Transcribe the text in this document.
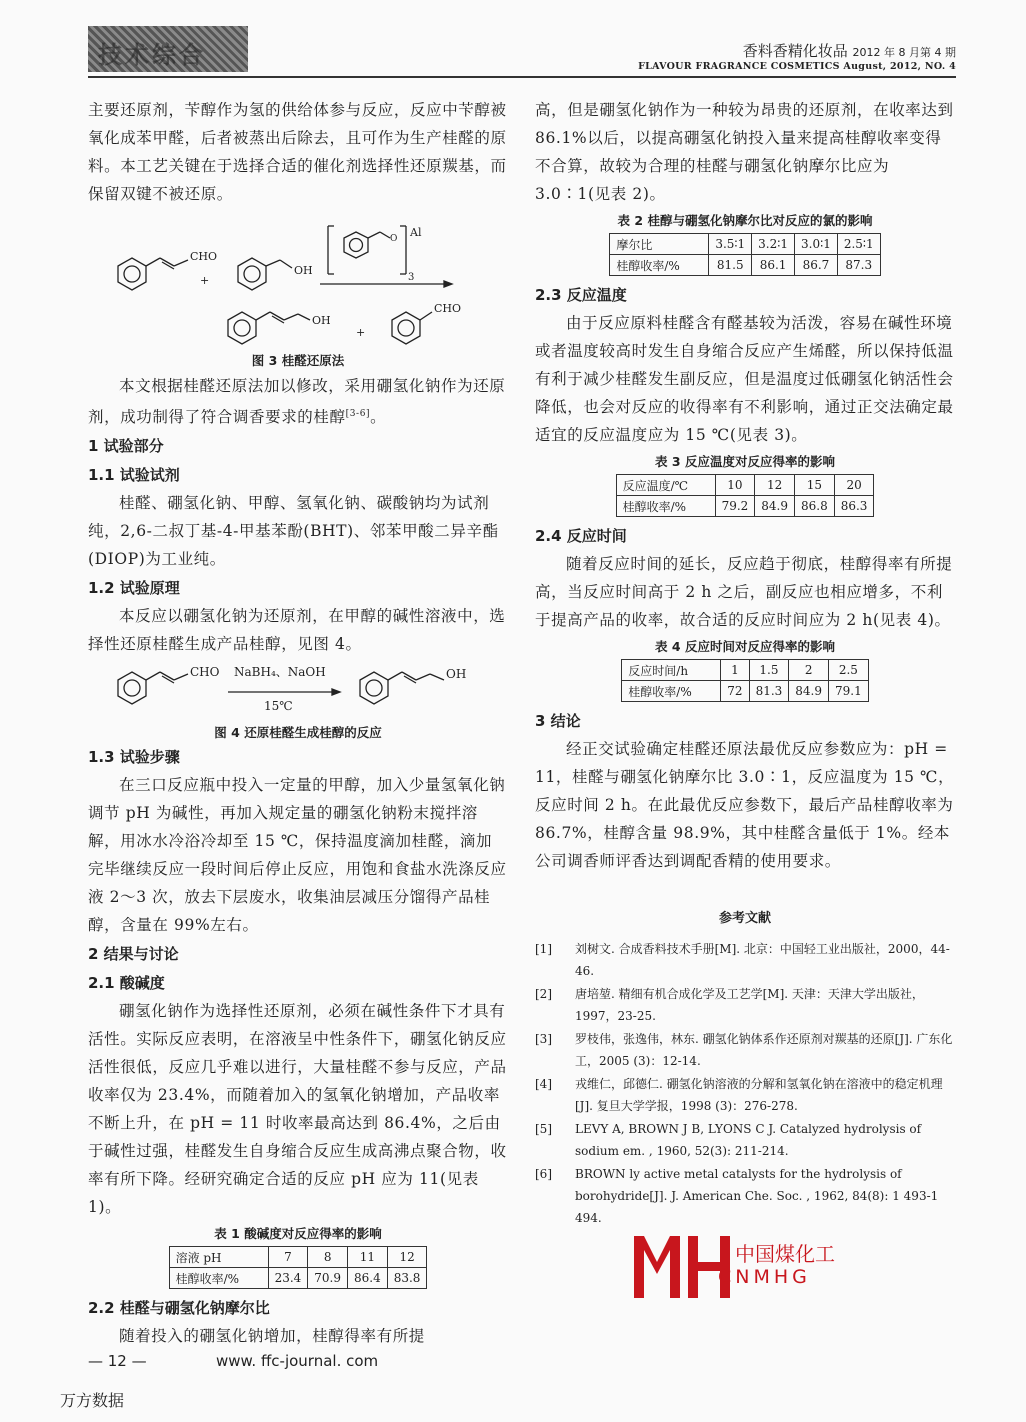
技术综合	香料香精化妆品 2012 年 8 月第 4 期
FLAVOUR FRAGRANCE COSMETICS August, 2012, NO. 4

主要还原剂，苄醇作为氢的供给体参与反应，反应中苄醇被氧化成苯甲醛，后者被蒸出后除去，且可作为生产桂醛的原料。本工艺关键在于选择合适的催化剂选择性还原羰基，而保留双键不被还原。

CHO
+
OH
O Al
3
OH
+
CHO
图 3 桂醛还原法

本文根据桂醛还原法加以修改，采用硼氢化钠作为还原剂，成功制得了符合调香要求的桂醇[3-6]。

1 试验部分
1.1 试验试剂

桂醛、硼氢化钠、甲醇、氢氧化钠、碳酸钠均为试剂纯，2,6-二叔丁基-4-甲基苯酚(BHT)、邻苯甲酸二异辛酯(DIOP)为工业纯。

1.2 试验原理

本反应以硼氢化钠为还原剂，在甲醇的碱性溶液中，选择性还原桂醛生成产品桂醇，见图 4。

CHO NaBH₄、NaOH
15℃
OH
图 4 还原桂醛生成桂醇的反应
1.3 试验步骤

在三口反应瓶中投入一定量的甲醇，加入少量氢氧化钠调节 pH 为碱性，再加入规定量的硼氢化钠粉末搅拌溶解，用冰水冷浴冷却至 15 ℃，保持温度滴加桂醛，滴加完毕继续反应一段时间后停止反应，用饱和食盐水洗涤反应液 2～3 次，放去下层废水，收集油层减压分馏得产品桂醇，含量在 99%左右。

2 结果与讨论
2.1 酸碱度

硼氢化钠作为选择性还原剂，必须在碱性条件下才具有活性。实际反应表明，在溶液呈中性条件下，硼氢化钠反应活性很低，反应几乎难以进行，大量桂醛不参与反应，产品收率仅为 23.4%，而随着加入的氢氧化钠增加，产品收率不断上升，在 pH = 11 时收率最高达到 86.4%，之后由于碱性过强，桂醛发生自身缩合反应生成高沸点聚合物，收率有所下降。经研究确定合适的反应 pH 应为 11(见表 1)。

表 1 酸碱度对反应得率的影响
溶液 pH	7	8	11	12
桂醇收率/%	23.4	70.9	86.4	83.8
2.2 桂醛与硼氢化钠摩尔比

随着投入的硼氢化钠增加，桂醇得率有所提

高，但是硼氢化钠作为一种较为昂贵的还原剂，在收率达到 86.1%以后，以提高硼氢化钠投入量来提高桂醇收率变得不合算，故较为合理的桂醛与硼氢化钠摩尔比应为 3.0∶1(见表 2)。

表 2 桂醇与硼氢化钠摩尔比对反应的氯的影响
摩尔比	3.5∶1	3.2∶1	3.0∶1	2.5∶1
桂醇收率/%	81.5	86.1	86.7	87.3
2.3 反应温度

由于反应原料桂醛含有醛基较为活泼，容易在碱性环境或者温度较高时发生自身缩合反应产生烯醛，所以保持低温有利于减少桂醛发生副反应，但是温度过低硼氢化钠活性会降低，也会对反应的收得率有不利影响，通过正交法确定最适宜的反应温度应为 15 ℃(见表 3)。

表 3 反应温度对反应得率的影响
反应温度/℃	10	12	15	20
桂醇收率/%	79.2	84.9	86.8	86.3
2.4 反应时间

随着反应时间的延长，反应趋于彻底，桂醇得率有所提高，当反应时间高于 2 h 之后，副反应也相应增多，不利于提高产品的收率，故合适的反应时间应为 2 h(见表 4)。

表 4 反应时间对反应得率的影响
反应时间/h	1	1.5	2	2.5
桂醇收率/%	72	81.3	84.9	79.1
3 结论

经正交试验确定桂醛还原法最优反应参数应为：pH = 11，桂醛与硼氢化钠摩尔比 3.0∶1，反应温度为 15 ℃，反应时间 2 h。在此最优反应参数下，最后产品桂醇收率为 86.7%，桂醇含量 98.9%，其中桂醛含量低于 1%。经本公司调香师评香达到调配香精的使用要求。

参考文献
[1]	刘树文. 合成香料技术手册[M]. 北京：中国轻工业出版社，2000，44-46.
[2]	唐培堃. 精细有机合成化学及工艺学[M]. 天津：天津大学出版社，1997，23-25.
[3]	罗枝伟，张逸伟，林东. 硼氢化钠体系作还原剂对羰基的还原[J]. 广东化工，2005 (3)：12-14.
[4]	戎维仁，邱德仁. 硼氢化钠溶液的分解和氢氧化钠在溶液中的稳定机理[J]. 复旦大学学报，1998 (3)：276-278.
[5]	LEVY A, BROWN J B, LYONS C J. Catalyzed hydrolysis of sodium em. , 1960, 52(3): 211-214.
[6]	BROWN ly active metal catalysts for the hydrolysis of borohydride[J]. J. American Che. Soc. , 1962, 84(8): 1 493-1 494.
中国煤化工
CNMHG
— 12 —	www. ffc-journal. com
万方数据
